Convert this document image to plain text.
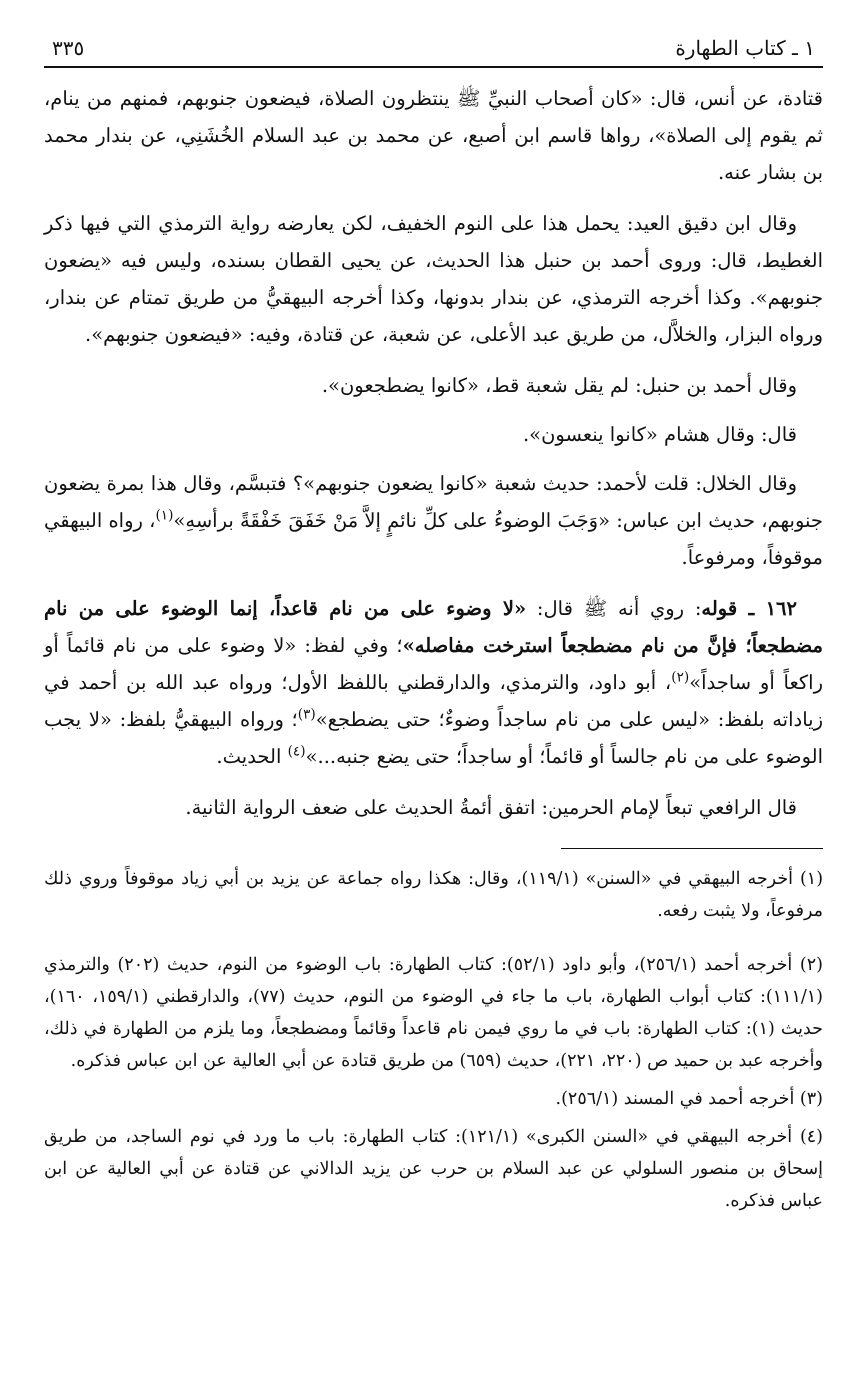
١ ـ كتاب الطهارة
٣٣٥

قتادة، عن أنس، قال: «كان أصحاب النبيِّ ﷺ ينتظرون الصلاة، فيضعون جنوبهم، فمنهم من ينام، ثم يقوم إلى الصلاة»، رواها قاسم ابن أصبع، عن محمد بن عبد السلام الخُشَنِي، عن بندار محمد بن بشار عنه.

وقال ابن دقيق العيد: يحمل هذا على النوم الخفيف، لكن يعارضه رواية الترمذي التي فيها ذكر الغطيط، قال: وروى أحمد بن حنبل هذا الحديث، عن يحيى القطان بسنده، وليس فيه «يضعون جنوبهم». وكذا أخرجه الترمذي، عن بندار بدونها، وكذا أخرجه البيهقيُّ من طريق تمتام عن بندار، ورواه البزار، والخلاَّل، من طريق عبد الأعلى، عن شعبة، عن قتادة، وفيه: «فيضعون جنوبهم».

وقال أحمد بن حنبل: لم يقل شعبة قط، «كانوا يضطجعون».

قال: وقال هشام «كانوا ينعسون».

وقال الخلال: قلت لأحمد: حديث شعبة «كانوا يضعون جنوبهم»؟ فتبسَّم، وقال هذا بمرة يضعون جنوبهم، حديث ابن عباس: «وَجَبَ الوضوءُ على كلِّ نائمٍ إلاَّ مَنْ خَفَقَ خَفْقَةً برأسِهِ»$^{(١)}$، رواه البيهقي موقوفاً، ومرفوعاً.

١٦٢ ـ قوله: روي أنه ﷺ قال: «لا وضوء على من نام قاعداً، إنما الوضوء على من نام مضطجعاً؛ فإنَّ من نام مضطجعاً استرخت مفاصله»؛ وفي لفظ: «لا وضوء على من نام قائماً أو راكعاً أو ساجداً»$^{(٢)}$، أبو داود، والترمذي، والدارقطني باللفظ الأول؛ ورواه عبد الله بن أحمد في زياداته بلفظ: «ليس على من نام ساجداً وضوءٌ؛ حتى يضطجع»$^{(٣)}$؛ ورواه البيهقيُّ بلفظ: «لا يجب الوضوء على من نام جالساً أو قائماً؛ أو ساجداً؛ حتى يضع جنبه...»$^{(٤)}$ الحديث.

قال الرافعي تبعاً لإمام الحرمين: اتفق أئمةُ الحديث على ضعف الرواية الثانية.

(١) أخرجه البيهقي في «السنن» (١١٩/١)، وقال: هكذا رواه جماعة عن يزيد بن أبي زياد موقوفاً وروي ذلك مرفوعاً، ولا يثبت رفعه.

(٢) أخرجه أحمد (٢٥٦/١)، وأبو داود (٥٢/١): كتاب الطهارة: باب الوضوء من النوم، حديث (٢٠٢) والترمذي (١١١/١): كتاب أبواب الطهارة، باب ما جاء في الوضوء من النوم، حديث (٧٧)، والدارقطني (١٥٩/١، ١٦٠)، حديث (١): كتاب الطهارة: باب في ما روي فيمن نام قاعداً وقائماً ومضطجعاً، وما يلزم من الطهارة في ذلك، وأخرجه عبد بن حميد ص (٢٢٠، ٢٢١)، حديث (٦٥٩) من طريق قتادة عن أبي العالية عن ابن عباس فذكره.

(٣) أخرجه أحمد في المسند (٢٥٦/١).

(٤) أخرجه البيهقي في «السنن الكبرى» (١٢١/١): كتاب الطهارة: باب ما ورد في نوم الساجد، من طريق إسحاق بن منصور السلولي عن عبد السلام بن حرب عن يزيد الدالاني عن قتادة عن أبي العالية عن ابن عباس فذكره.
